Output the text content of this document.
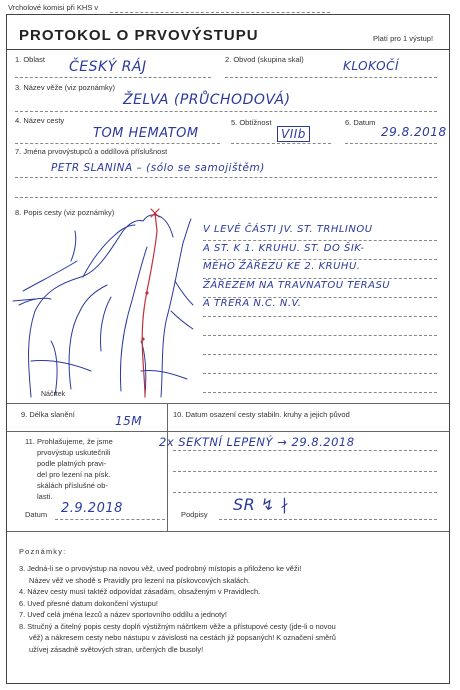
Vrcholové komisi při KHS v
PROTOKOL O PRVOVÝSTUPU	Platí pro 1 výstup!
1. Oblast ČESKÝ RÁJ	2. Obvod (skupina skal)	KLOKOČÍ
3. Název věže (viz poznámky)
ŽELVA (PRŮCHODOVÁ)
4. Název cesty
TOM HEMATOM
5. Obtížnost
VIIb
6. Datum
29.8.2018
7. Jména prvovýstupců a oddílová příslušnost
PETR SLANINA – (sólo se samojištěm)
8. Popis cesty (viz poznámky)
V LEVÉ ČÁSTI JV. ST. TRHLINOU
A ST. K 1. KRUHU. ST. DO ŠIK-
MÉHO ŽÁŘEZU KE 2. KRUHU.
ŽÁŘEZEM NA TRAVNATOU TERASU
A TŘERA N.C. N.V.
Náčrtek
9. Délka slanění	15M	10. Datum osazení cesty stabiln. kruhy a jejich původ
11. Prohlašujeme, že jsme
prvovýstup uskutečnili
podle platných pravi-
del pro lezení na písk.
skálách příslušné ob-
lasti.
2x SEKTNÍ LEPENÝ → 29.8.2018
Datum 2.9.2018	Podpisy
SR ↯ ∤
Poznámky:
3. Jedná-li se o prvovýstup na novou věž, uveď podrobný místopis a přiloženo ke věži!
Název věž ve shodě s Pravidly pro lezení na pískovcových skalách.
4. Název cesty musí taktéž odpovídat zásadám, obsaženým v Pravidlech.
6. Uveď přesné datum dokončení výstupu!
7. Uveď celá jména lezců a název sportovního oddílu a jednoty!
8. Stručný a čitelný popis cesty doplň výstižným náčrtkem věže a přístupové cesty (jde-li o novou
věž) a nákresem cesty nebo nástupu v závislosti na cestách již popsaných! K označení směrů
užívej zásadně světových stran, určených dle busoly!
